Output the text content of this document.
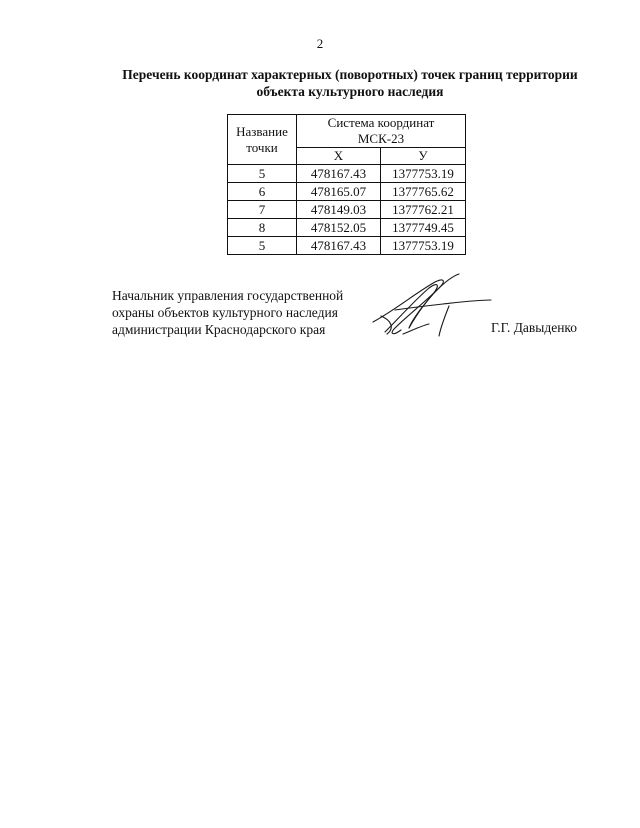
2
Перечень координат характерных (поворотных) точек границ территории
объекта культурного наследия
Название
точки	Система координат
МСК-23	

	X	У
5	478167.43	1377753.19
6	478165.07	1377765.62
7	478149.03	1377762.21
8	478152.05	1377749.45
5	478167.43	1377753.19
Начальник управления государственной
охраны объектов культурного наследия
администрации Краснодарского края	Г.Г. Давыденко
